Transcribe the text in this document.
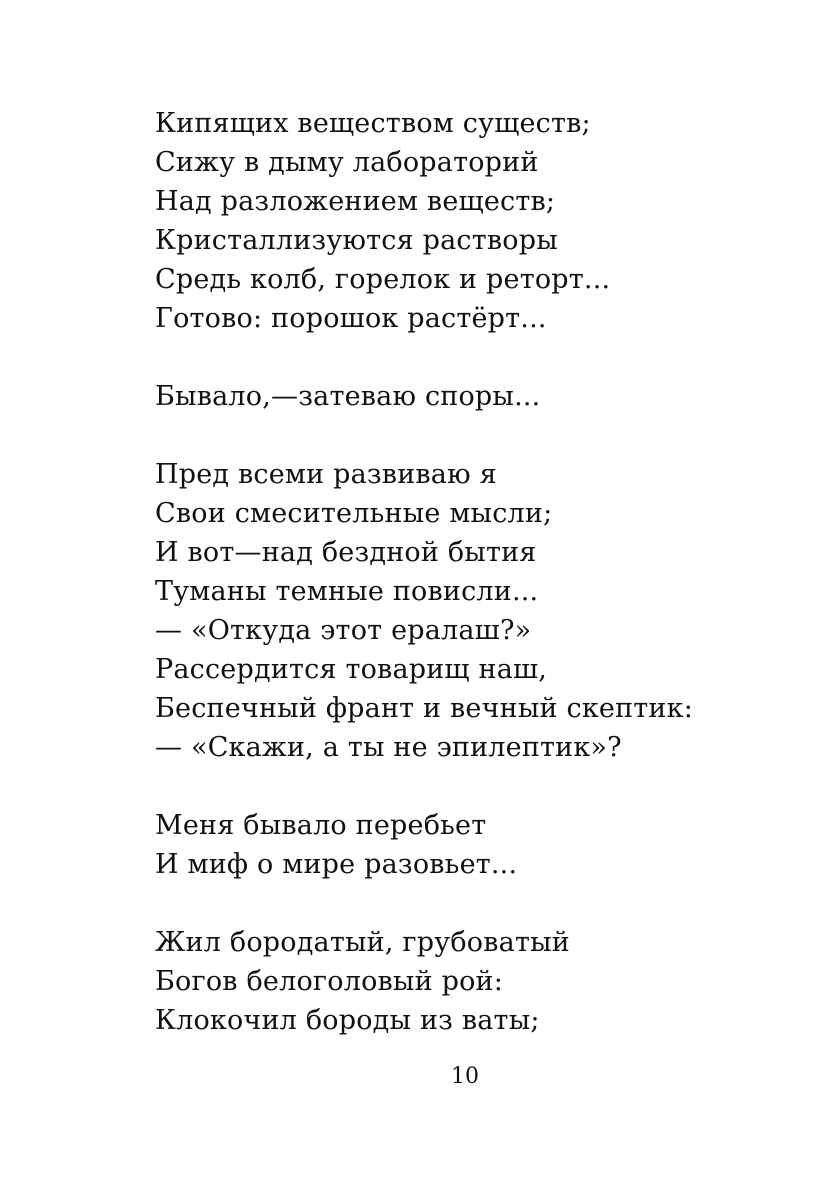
Кипящих веществом существ;
Сижу в дыму лабораторий
Над разложением веществ;
Кристаллизуются растворы
Средь колб, горелок и реторт...
Готово: порошок растёрт...
Бывало,—затеваю споры...
Пред всеми развиваю я
Свои смесительные мысли;
И вот—над бездной бытия
Туманы темные повисли...
— «Откуда этот ералаш?»
Рассердится товарищ наш,
Беспечный франт и вечный скептик:
— «Скажи, а ты не эпилептик»?
Меня бывало перебьет
И миф о мире разовьет...
Жил бородатый, грубоватый
Богов белоголовый рой:
Клокочил бороды из ваты;
10
